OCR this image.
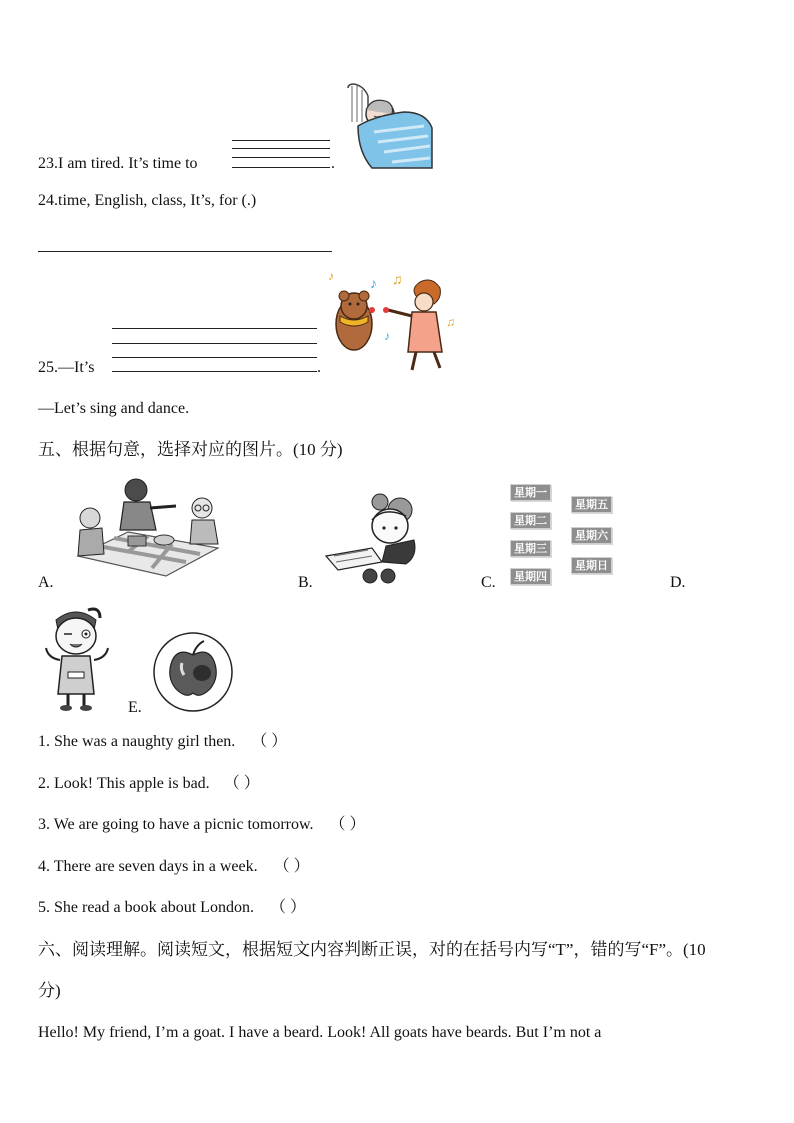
23.I am tired. It’s time to	.
24.time, English, class, It’s, for (.)
25.—It’s	.
—Let’s sing and dance.
♪ ♫
♪
♪
♫
五、根据句意，选择对应的图片。(10 分)
A.	B.
星期一
星期二
星期三
星期四
星期五
星期六
星期日
C.	D.
E.
1. She was a naughty girl then. （ ）
2. Look! This apple is bad. （ ）
3. We are going to have a picnic tomorrow. （ ）
4. There are seven days in a week. （ ）
5. She read a book about London. （ ）
六、阅读理解。阅读短文，根据短文内容判断正误，对的在括号内写“T”，错的写“F”。(10
分)
Hello! My friend, I’m a goat. I have a beard. Look! All goats have beards. But I’m not a
